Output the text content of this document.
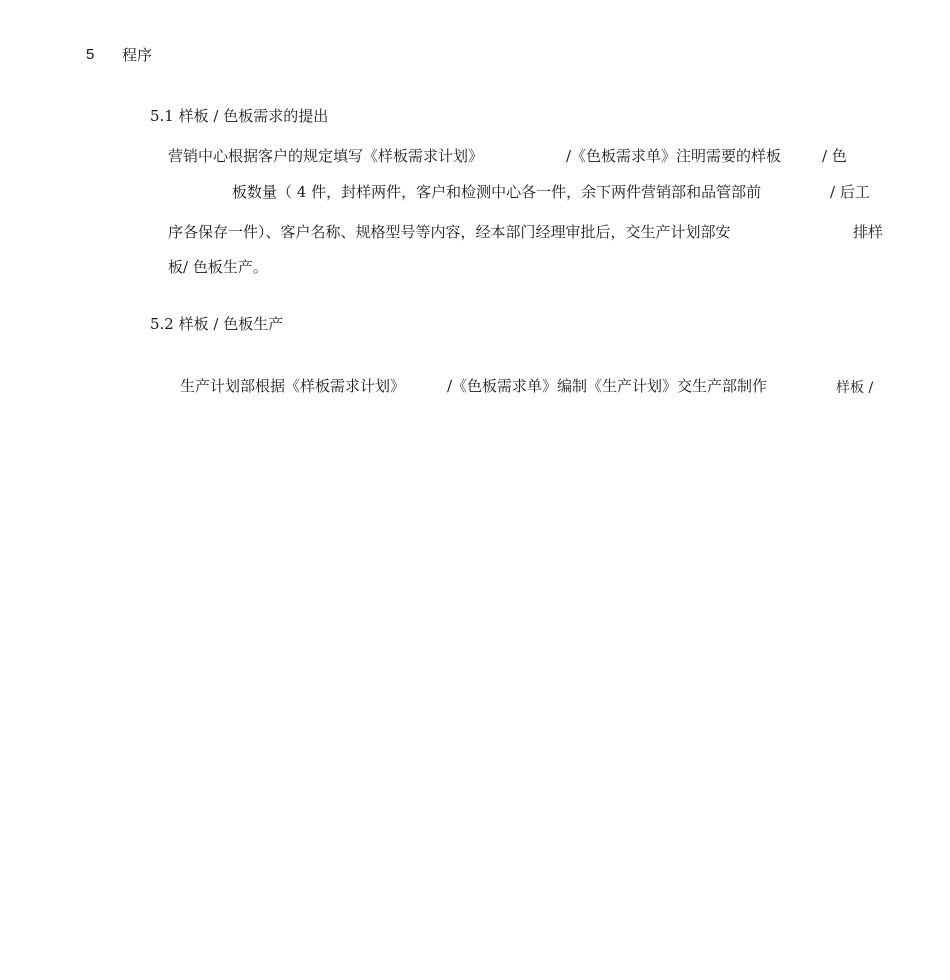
5 程序
5.1 样板 / 色板需求的提出
营销中心根据客户的规定填写《样板需求计划》	/《色板需求单》注明需要的样板	/ 色
板数量（ 4 件，封样两件，客户和检测中心各一件，余下两件营销部和品管部前	/ 后工
序各保存一件）、客户名称、规格型号等内容，经本部门经理审批后，交生产计划部安	排样
板/ 色板生产。
5.2 样板 / 色板生产
生产计划部根据《样板需求计划》	/《色板需求单》编制《生产计划》交生产部制作	样板 /
